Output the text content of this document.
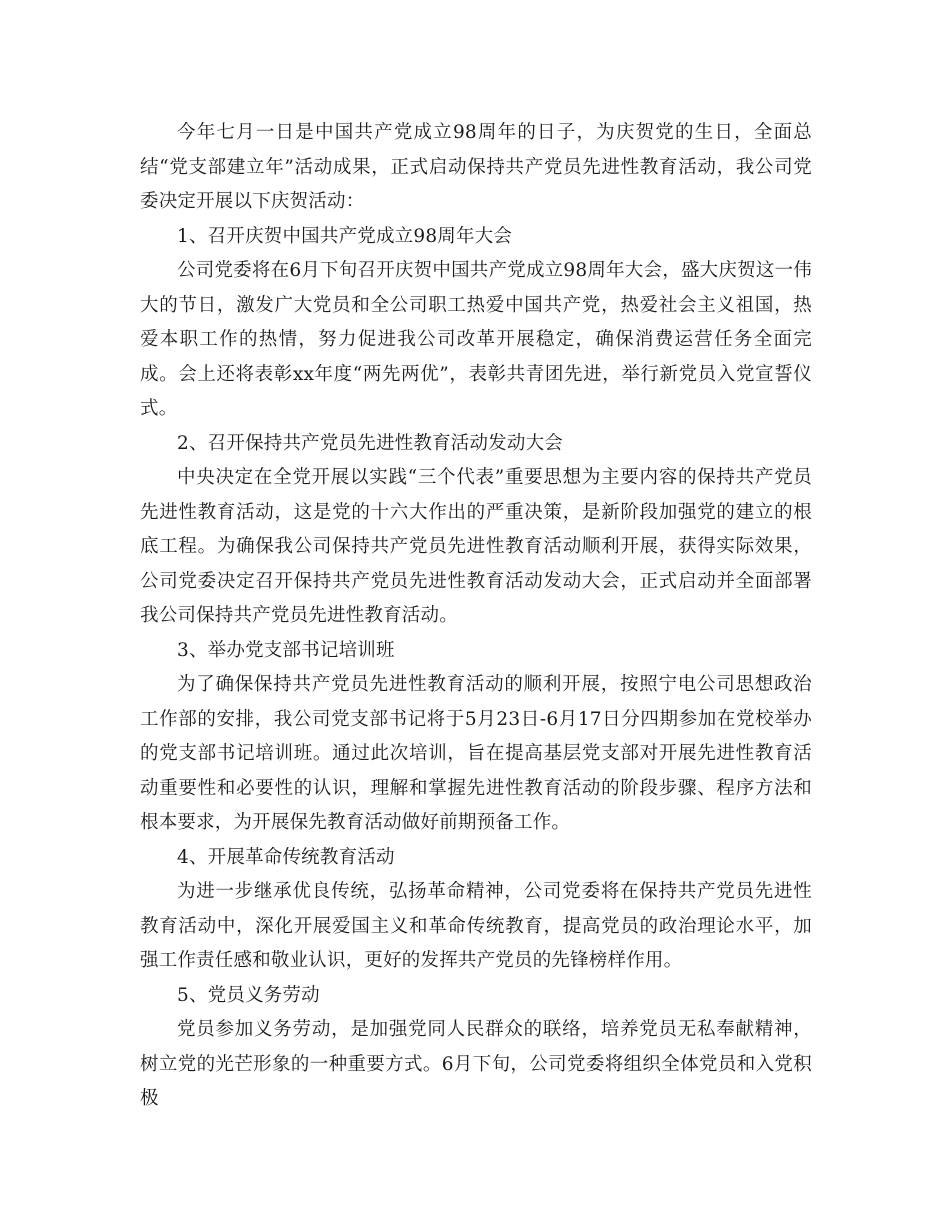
今年七月一日是中国共产党成立98周年的日子，为庆贺党的生日，全面总结“党支部建立年”活动成果，正式启动保持共产党员先进性教育活动，我公司党委决定开展以下庆贺活动：

1、召开庆贺中国共产党成立98周年大会

公司党委将在6月下旬召开庆贺中国共产党成立98周年大会，盛大庆贺这一伟大的节日，激发广大党员和全公司职工热爱中国共产党，热爱社会主义祖国，热爱本职工作的热情，努力促进我公司改革开展稳定，确保消费运营任务全面完成。会上还将表彰xx年度“两先两优”，表彰共青团先进，举行新党员入党宣誓仪式。

2、召开保持共产党员先进性教育活动发动大会

中央决定在全党开展以实践“三个代表”重要思想为主要内容的保持共产党员先进性教育活动，这是党的十六大作出的严重决策，是新阶段加强党的建立的根底工程。为确保我公司保持共产党员先进性教育活动顺利开展，获得实际效果，公司党委决定召开保持共产党员先进性教育活动发动大会，正式启动并全面部署我公司保持共产党员先进性教育活动。

3、举办党支部书记培训班

为了确保保持共产党员先进性教育活动的顺利开展，按照宁电公司思想政治工作部的安排，我公司党支部书记将于5月23日-6月17日分四期参加在党校举办的党支部书记培训班。通过此次培训，旨在提高基层党支部对开展先进性教育活动重要性和必要性的认识，理解和掌握先进性教育活动的阶段步骤、程序方法和根本要求，为开展保先教育活动做好前期预备工作。

4、开展革命传统教育活动

为进一步继承优良传统，弘扬革命精神，公司党委将在保持共产党员先进性教育活动中，深化开展爱国主义和革命传统教育，提高党员的政治理论水平，加强工作责任感和敬业认识，更好的发挥共产党员的先锋榜样作用。

5、党员义务劳动

党员参加义务劳动，是加强党同人民群众的联络，培养党员无私奉献精神，树立党的光芒形象的一种重要方式。6月下旬，公司党委将组织全体党员和入党积极
